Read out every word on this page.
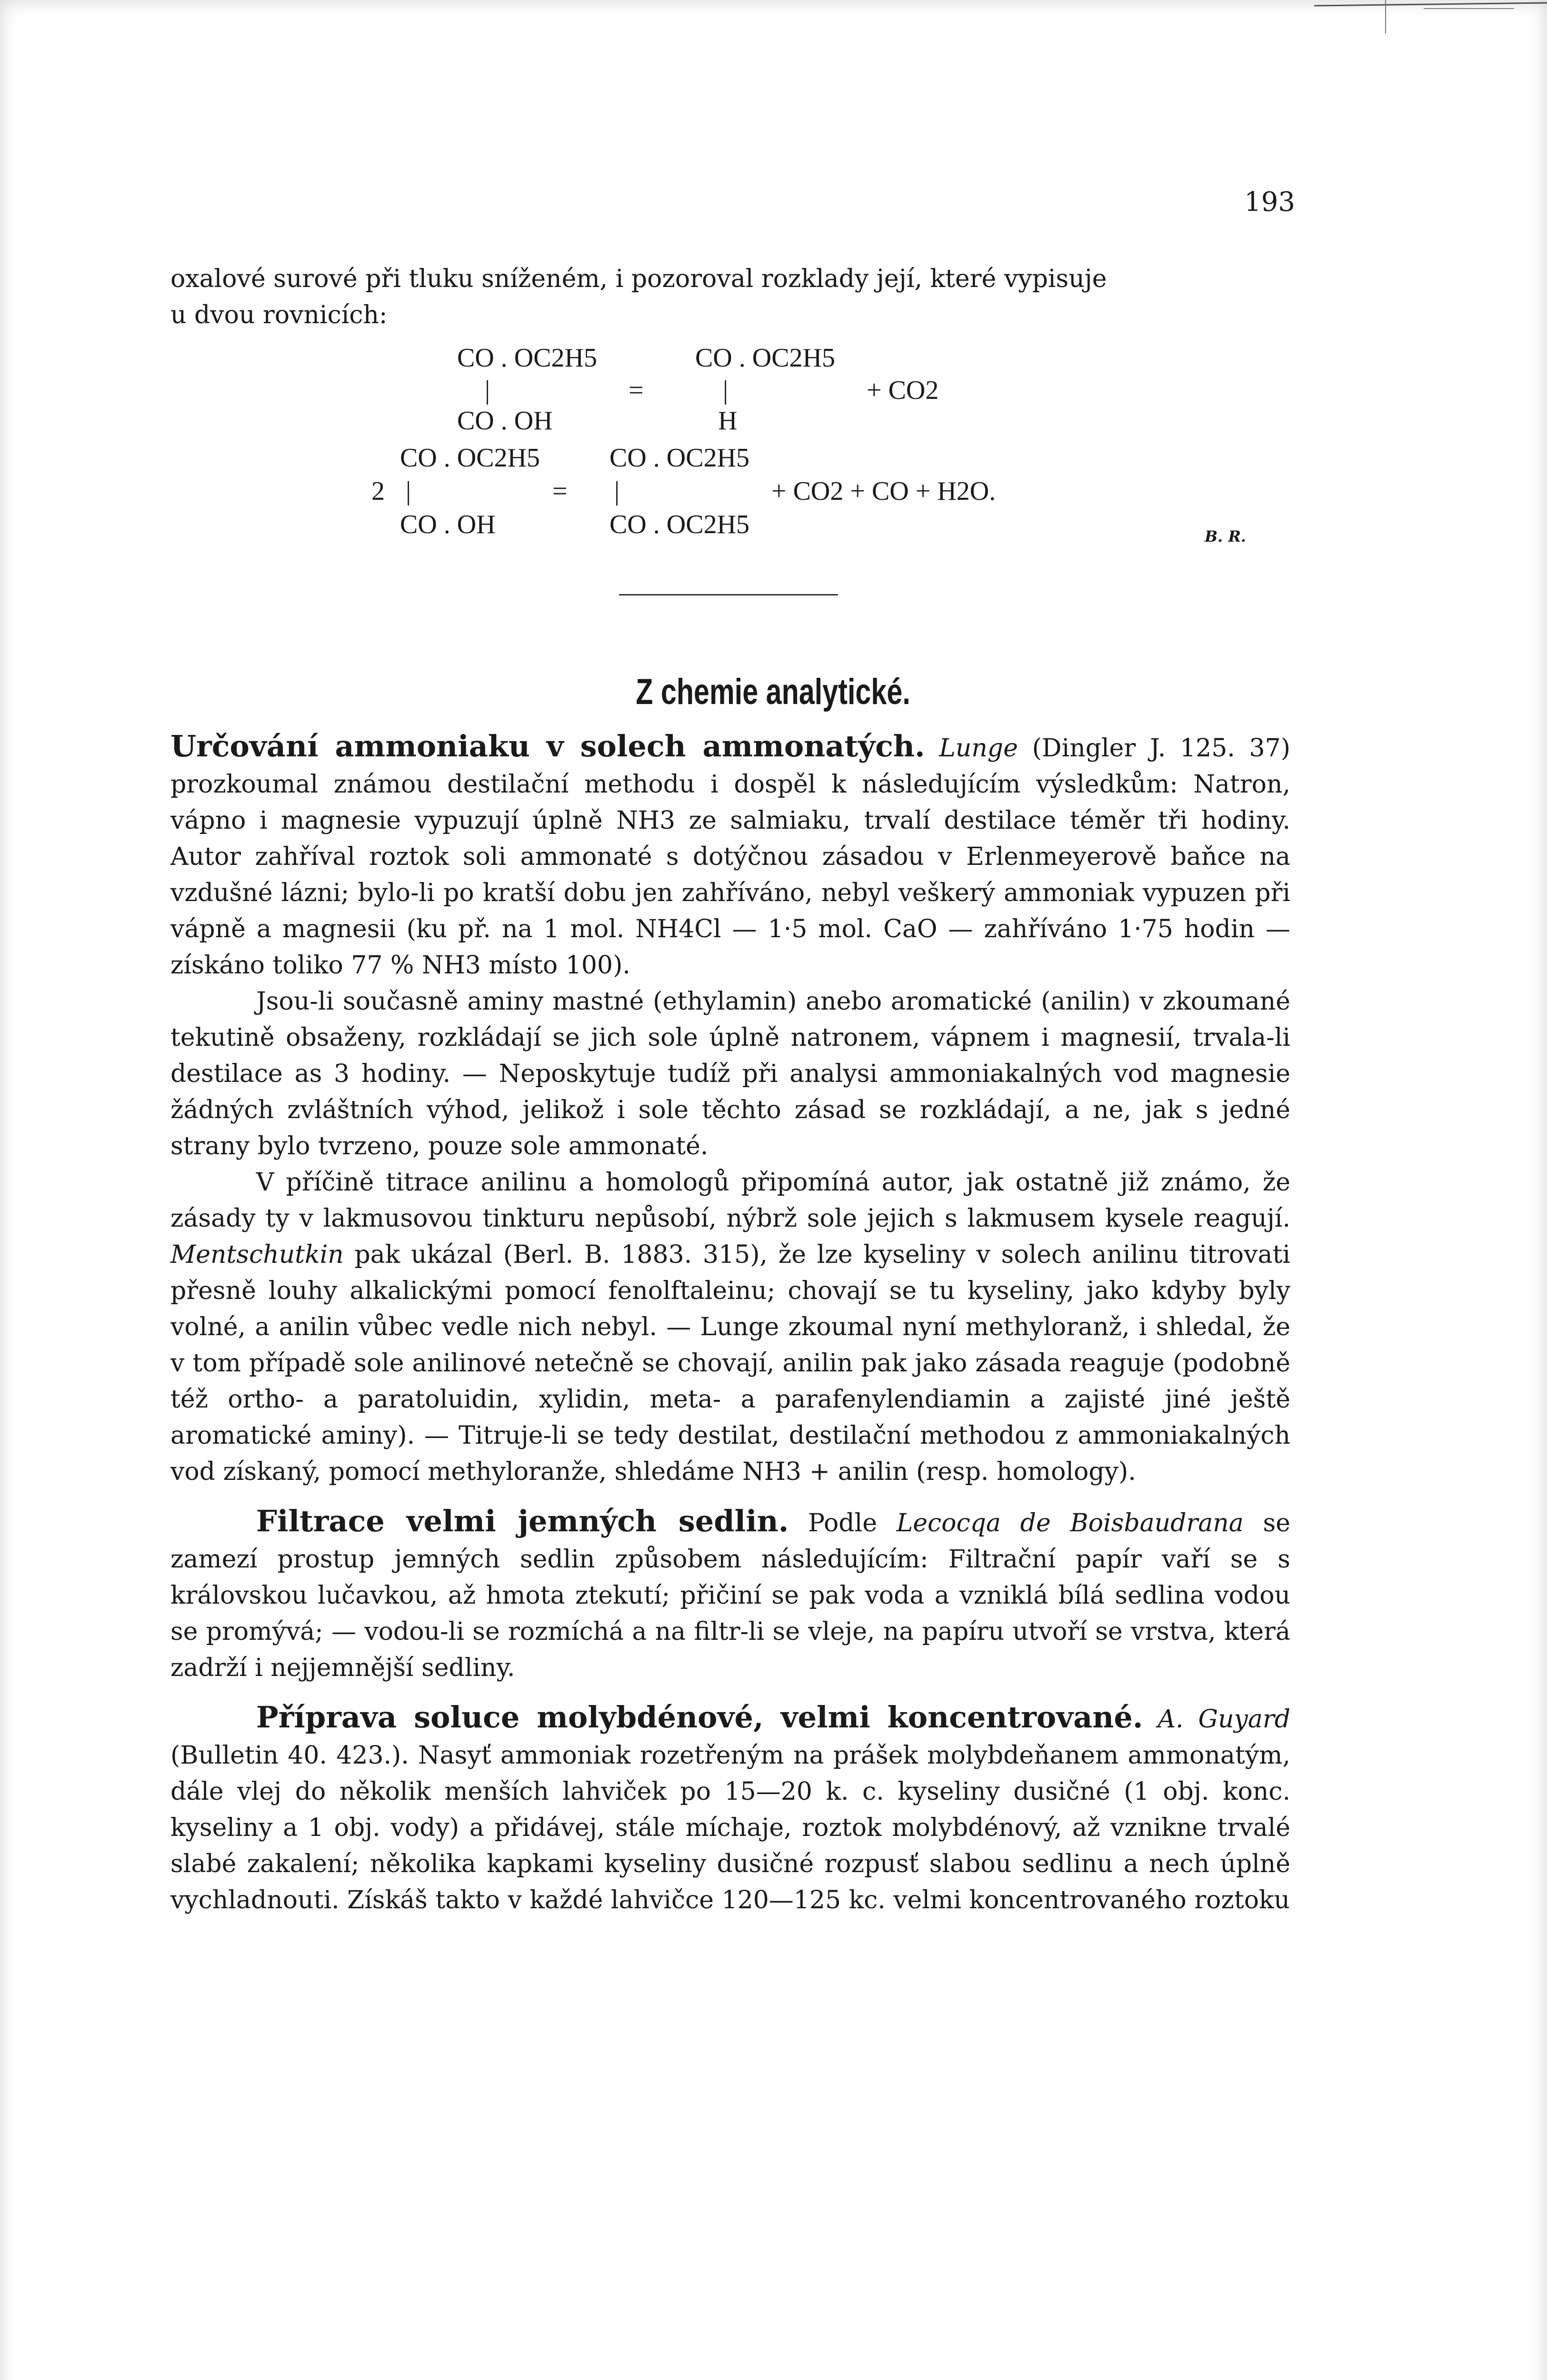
193

oxalové surové při tluku sníženém, i pozoroval rozklady její, které vypisuje
u dvou rovnicích:

CO . OC2H5	CO . OC2H5
|	=	|	+ CO2
CO . OH	H
CO . OC2H5	CO . OC2H5
2 |	= |	+ CO2 + CO + H2O.
CO . OH	CO . OC2H5	B. R.
Z chemie analytické.

Určování ammoniaku v solech ammonatých. Lunge (Dingler J. 125. 37) prozkoumal známou destilační methodu i dospěl k následujícím výsledkům: Natron, vápno i magnesie vypuzují úplně NH3 ze salmiaku, trvalí destilace téměr tři hodiny. Autor zahříval roztok soli ammonaté s dotýčnou zásadou v Erlenmeyerově baňce na vzdušné lázni; bylo-li po kratší dobu jen zahříváno, nebyl veškerý ammoniak vypuzen při vápně a magnesii (ku př. na 1 mol. NH4Cl — 1·5 mol. CaO — zahříváno 1·75 hodin — získáno toliko 77 % NH3 místo 100).

Jsou-li současně aminy mastné (ethylamin) anebo aromatické (anilin) v zkoumané tekutině obsaženy, rozkládají se jich sole úplně natronem, vápnem i magnesií, trvala-li destilace as 3 hodiny. — Neposkytuje tudíž při analysi ammoniakalných vod magnesie žádných zvláštních výhod, jelikož i sole těchto zásad se rozkládají, a ne, jak s jedné strany bylo tvrzeno, pouze sole ammonaté.

V příčině titrace anilinu a homologů připomíná autor, jak ostatně již známo, že zásady ty v lakmusovou tinkturu nepůsobí, nýbrž sole jejich s lakmusem kysele reagují. Mentschutkin pak ukázal (Berl. B. 1883. 315), že lze kyseliny v solech anilinu titrovati přesně louhy alkalickými pomocí fenolftaleinu; chovají se tu kyseliny, jako kdyby byly volné, a anilin vůbec vedle nich nebyl. — Lunge zkoumal nyní methyloranž, i shledal, že v tom případě sole anilinové netečně se chovají, anilin pak jako zásada reaguje (podobně též ortho- a paratoluidin, xylidin, meta- a parafenylendiamin a zajisté jiné ještě aromatické aminy). — Titruje-li se tedy destilat, destilační methodou z ammoniakalných vod získaný, pomocí methyloranže, shledáme NH3 + anilin (resp. homology).

Filtrace velmi jemných sedlin. Podle Lecocqa de Boisbaudrana se zamezí prostup jemných sedlin způsobem následujícím: Filtrační papír vaří se s královskou lučavkou, až hmota ztekutí; přičiní se pak voda a vzniklá bílá sedlina vodou se promývá; — vodou-li se rozmíchá a na filtr-li se vleje, na papíru utvoří se vrstva, která zadrží i nejjemnější sedliny.

Příprava soluce molybdénové, velmi koncentrované. A. Guyard (Bulletin 40. 423.). Nasyť ammoniak rozetřeným na prášek molybdeňanem ammonatým, dále vlej do několik menších lahviček po 15—20 k. c. kyseliny dusičné (1 obj. konc. kyseliny a 1 obj. vody) a přidávej, stále míchaje, roztok molybdénový, až vznikne trvalé slabé zakalení; několika kapkami kyseliny dusičné rozpusť slabou sedlinu a nech úplně vychladnouti. Získáš takto v každé lahvičce 120—125 kc. velmi koncentrovaného roztoku
